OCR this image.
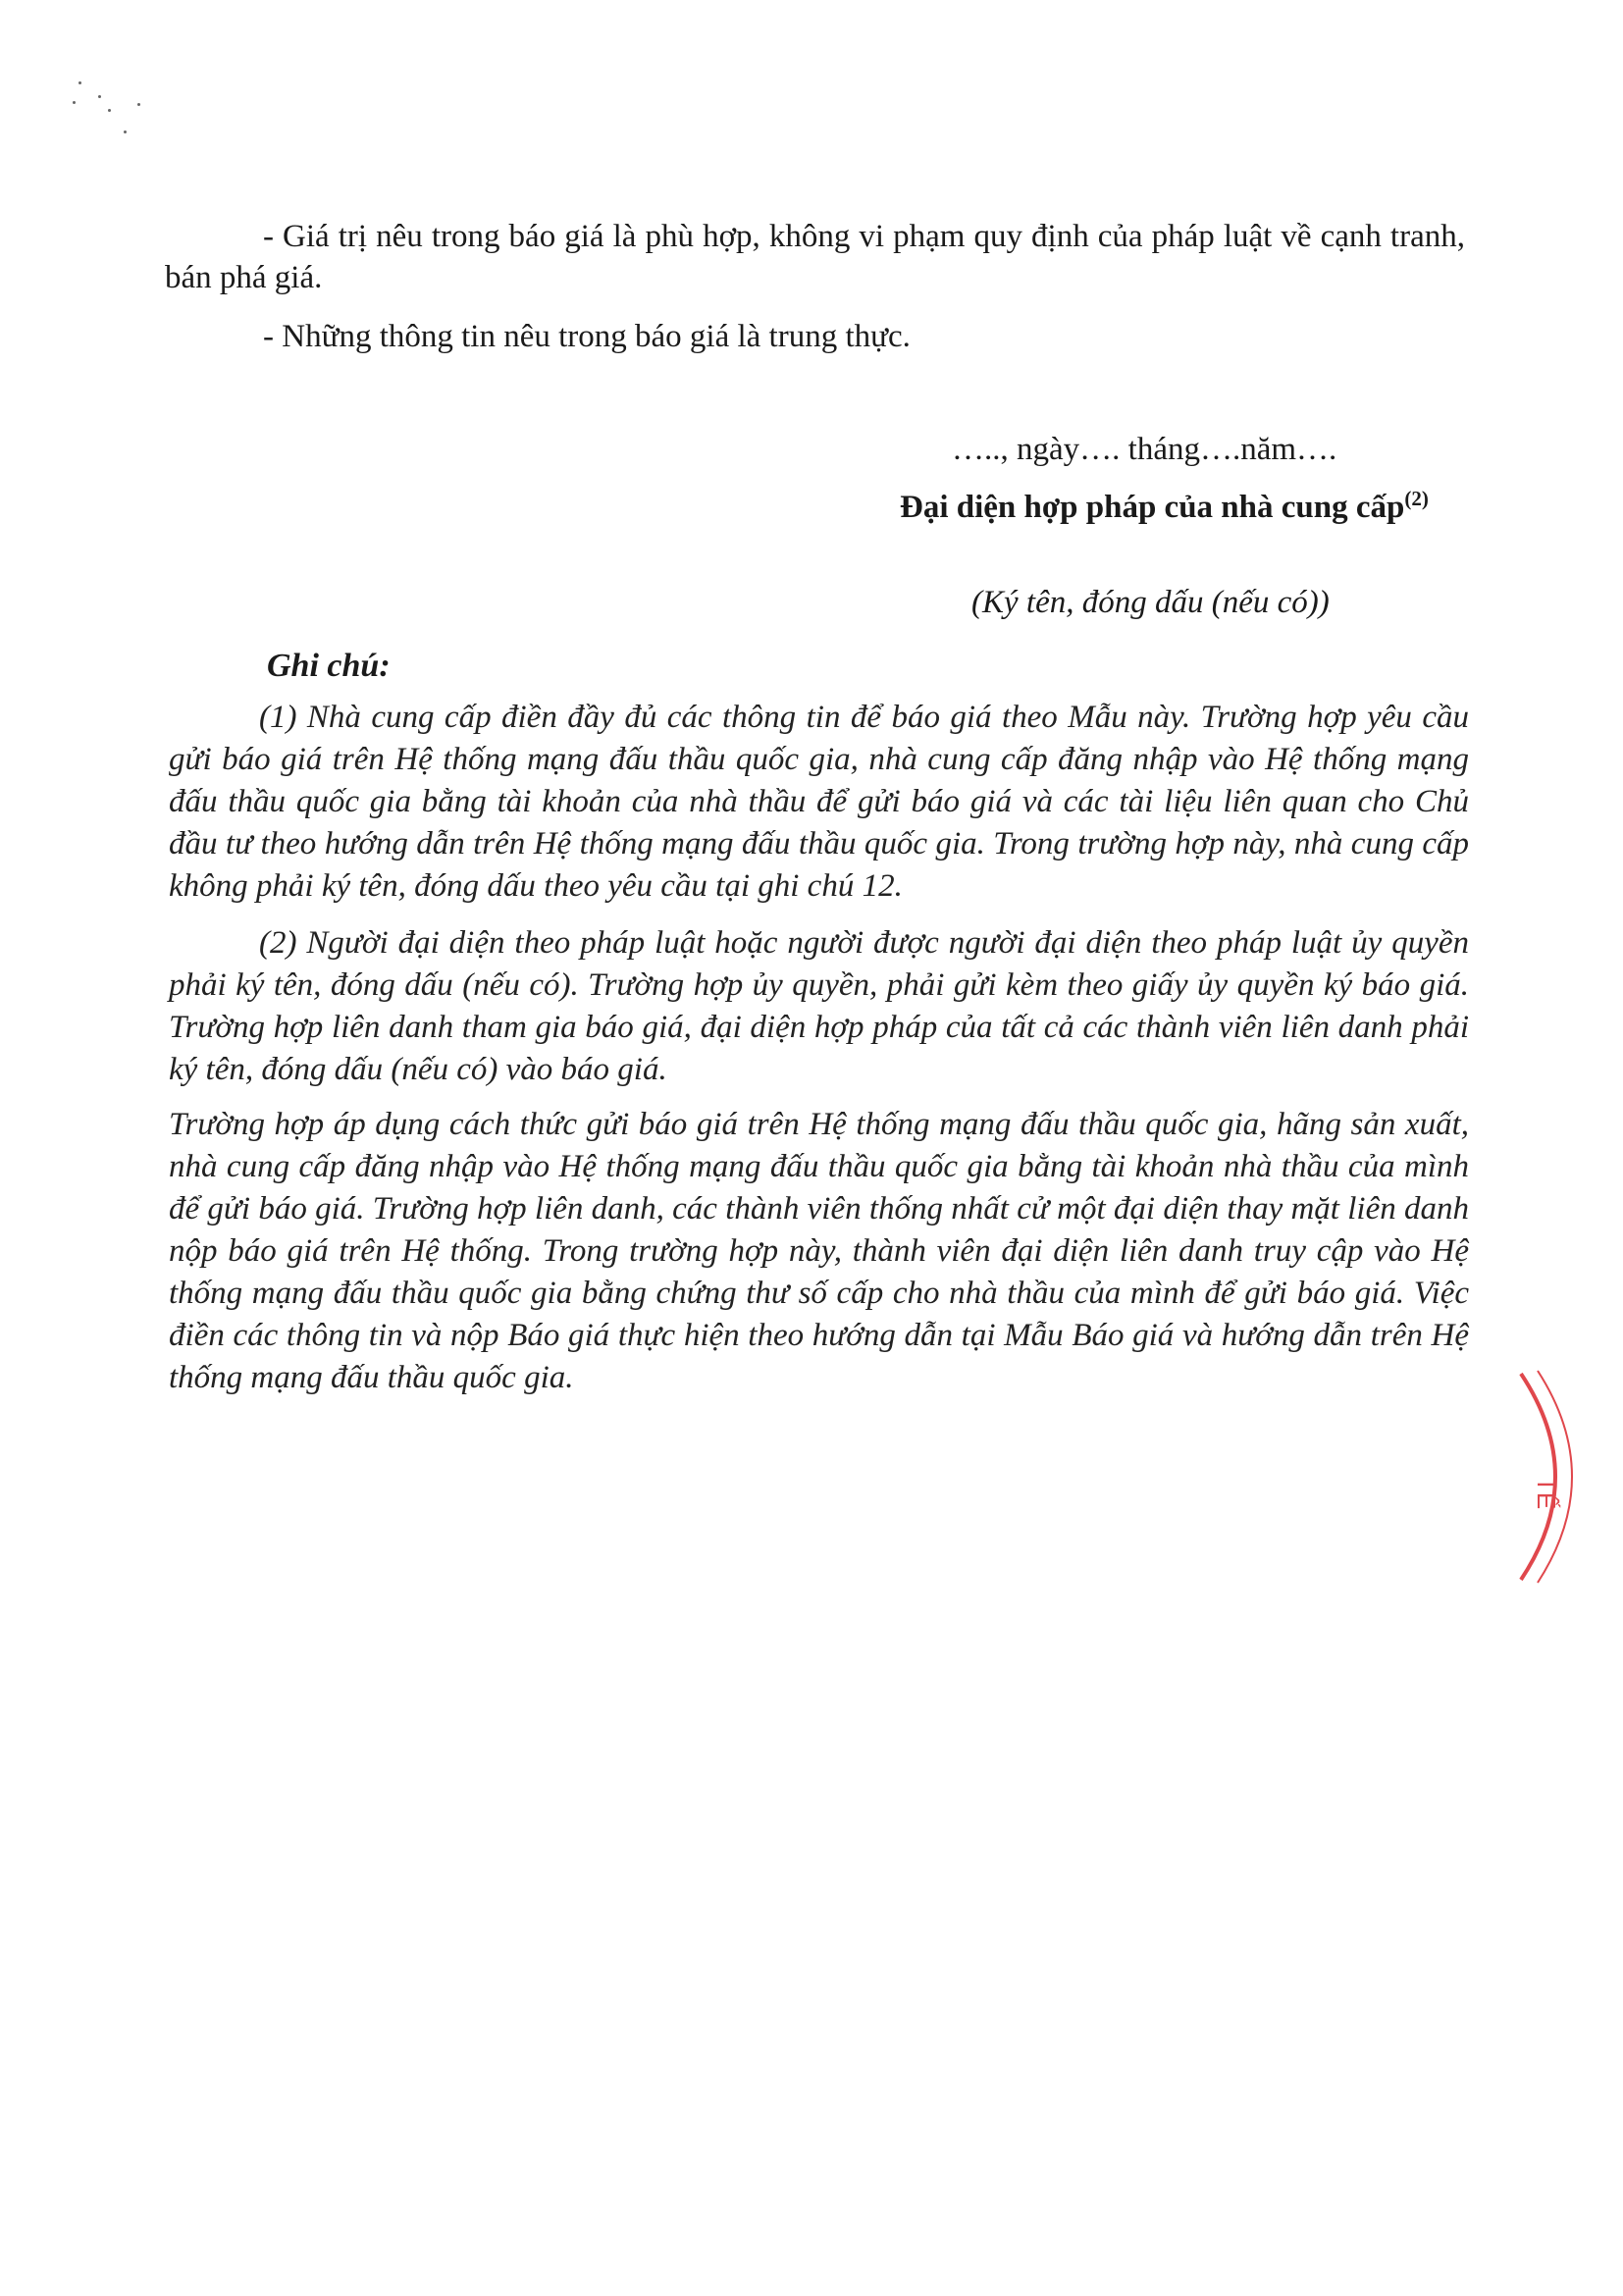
- Giá trị nêu trong báo giá là phù hợp, không vi phạm quy định của pháp luật về cạnh tranh, bán phá giá.

- Những thông tin nêu trong báo giá là trung thực.

….., ngày…. tháng….năm….
Đại diện hợp pháp của nhà cung cấp$^{(2)}$
(Ký tên, đóng dấu (nếu có))
Ghi chú:

(1) Nhà cung cấp điền đầy đủ các thông tin để báo giá theo Mẫu này. Trường hợp yêu cầu gửi báo giá trên Hệ thống mạng đấu thầu quốc gia, nhà cung cấp đăng nhập vào Hệ thống mạng đấu thầu quốc gia bằng tài khoản của nhà thầu để gửi báo giá và các tài liệu liên quan cho Chủ đầu tư theo hướng dẫn trên Hệ thống mạng đấu thầu quốc gia. Trong trường hợp này, nhà cung cấp không phải ký tên, đóng dấu theo yêu cầu tại ghi chú 12.

(2) Người đại diện theo pháp luật hoặc người được người đại diện theo pháp luật ủy quyền phải ký tên, đóng dấu (nếu có). Trường hợp ủy quyền, phải gửi kèm theo giấy ủy quyền ký báo giá. Trường hợp liên danh tham gia báo giá, đại diện hợp pháp của tất cả các thành viên liên danh phải ký tên, đóng dấu (nếu có) vào báo giá.

Trường hợp áp dụng cách thức gửi báo giá trên Hệ thống mạng đấu thầu quốc gia, hãng sản xuất, nhà cung cấp đăng nhập vào Hệ thống mạng đấu thầu quốc gia bằng tài khoản nhà thầu của mình để gửi báo giá. Trường hợp liên danh, các thành viên thống nhất cử một đại diện thay mặt liên danh nộp báo giá trên Hệ thống. Trong trường hợp này, thành viên đại diện liên danh truy cập vào Hệ thống mạng đấu thầu quốc gia bằng chứng thư số cấp cho nhà thầu của mình để gửi báo giá. Việc điền các thông tin và nộp Báo giá thực hiện theo hướng dẫn tại Mẫu Báo giá và hướng dẫn trên Hệ thống mạng đấu thầu quốc gia.

TẾ
